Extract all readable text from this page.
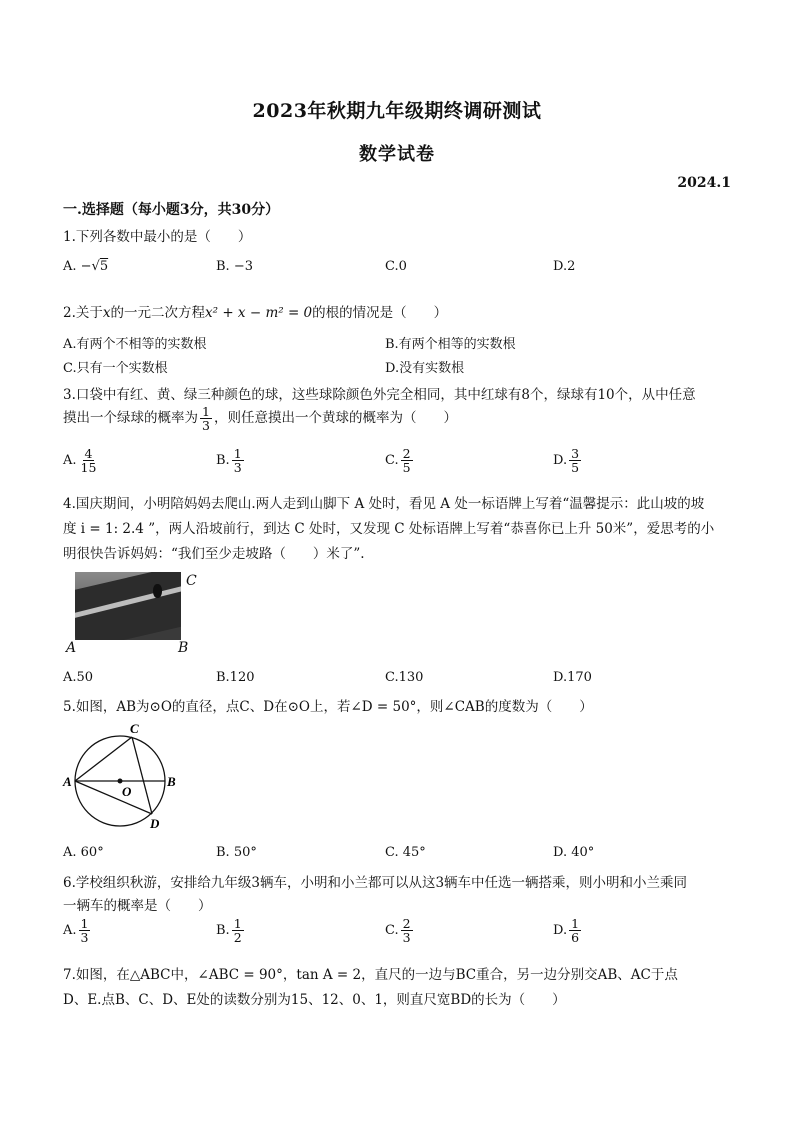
2023年秋期九年级期终调研测试
数学试卷
2024.1
一.选择题（每小题3分，共30分）
1.下列各数中最小的是（　　）
A. −√5	B. −3	C.0	D.2
2.关于x的一元二次方程x² + x − m² = 0的根的情况是（　　）
A.有两个不相等的实数根	B.有两个相等的实数根
C.只有一个实数根	D.没有实数根
3.口袋中有红、黄、绿三种颜色的球，这些球除颜色外完全相同，其中红球有8个，绿球有10个，从中任意
摸出一个绿球的概率为 $\frac{1}{3}$ ，则任意摸出一个黄球的概率为（　　）
A. $\frac{4}{15}$	B. $\frac{1}{3}$	C. $\frac{2}{5}$	D. $\frac{3}{5}$
4.国庆期间，小明陪妈妈去爬山.两人走到山脚下 A 处时，看见 A 处一标语牌上写着“温馨提示：此山坡的坡
度 i = 1: 2.4 ”，两人沿坡前行，到达 C 处时，又发现 C 处标语牌上写着“恭喜你已上升 50米”，爱思考的小
明很快告诉妈妈：“我们至少走坡路（　　）米了”.
C
A	B
A.50	B.120	C.130	D.170
5.如图，AB为⊙O的直径，点C、D在⊙O上，若∠D = 50°，则∠CAB的度数为（　　）
A	B
C
D
O
A. 60°	B. 50°	C. 45°	D. 40°
6.学校组织秋游，安排给九年级3辆车，小明和小兰都可以从这3辆车中任选一辆搭乘，则小明和小兰乘同
一辆车的概率是（　　）
A. $\frac{1}{3}$	B. $\frac{1}{2}$	C. $\frac{2}{3}$	D. $\frac{1}{6}$
7.如图，在△ABC中，∠ABC = 90°，tan A = 2，直尺的一边与BC重合，另一边分别交AB、AC于点
D、E.点B、C、D、E处的读数分别为15、12、0、1，则直尺宽BD的长为（　　）
